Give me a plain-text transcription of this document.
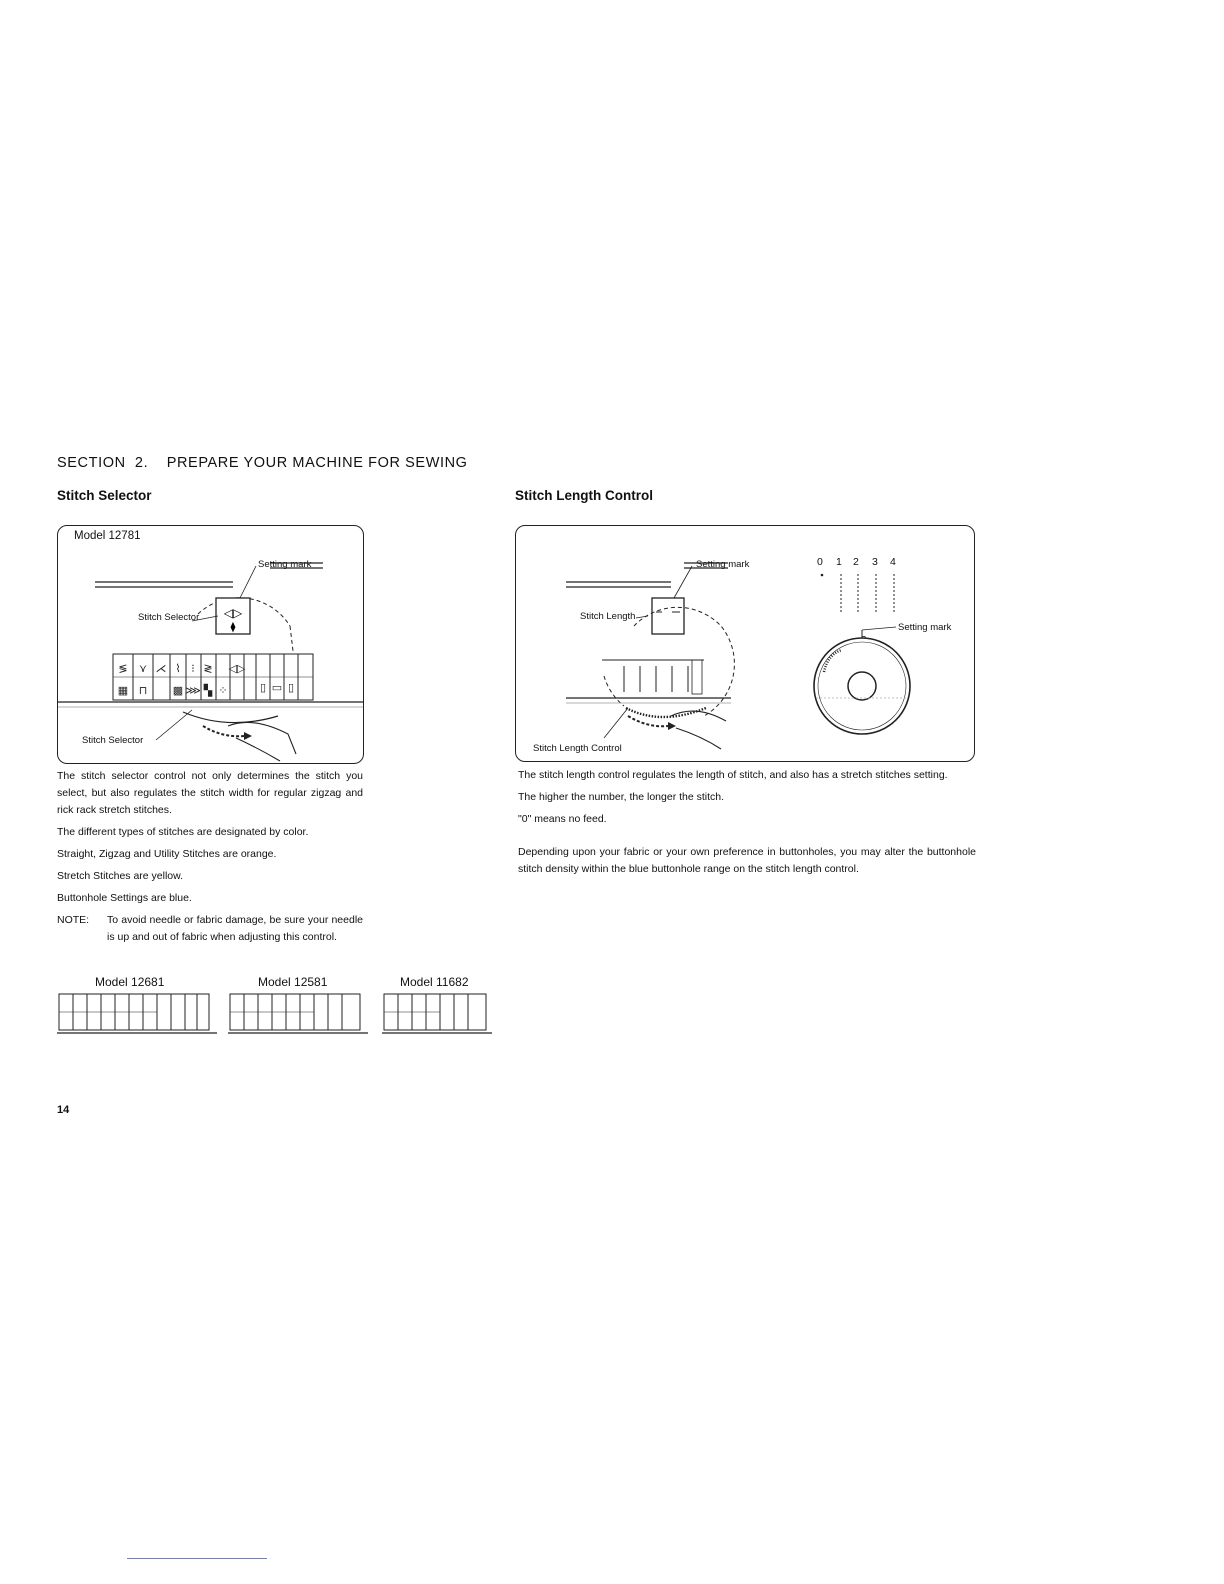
SECTION  2.    PREPARE YOUR MACHINE FOR SEWING
Stitch Selector
Model 12781
Setting mark
Stitch Selector
Stitch Selector
◁▷
⧫
≶ ⋎ ⋌ ⌇ ⁝ ≷
▦ ⊓ ▩ ⋙ ▚ ⁘
◁▷
▯ ▭ ▯

The stitch selector control not only determines the stitch you select, but also regulates the stitch width for regular zigzag and rick rack stretch stitches.

The different types of stitches are designated by color.

Straight, Zigzag and Utility Stitches are orange.

Stretch Stitches are yellow.

Buttonhole Settings are blue.

NOTE:	To avoid needle or fabric damage, be sure your needle is up and out of fabric when adjusting this control.
Model 12681	Model 12581	Model 11682
Stitch Length Control
Setting mark
Stitch Length
Stitch Length Control
Setting mark
0 1 2 3 4

The stitch length control regulates the length of stitch, and also has a stretch stitches setting.

The higher the number, the longer the stitch.

"0" means no feed.

Depending upon your fabric or your own preference in buttonholes, you may alter the buttonhole stitch density within the blue buttonhole range on the stitch length control.

14
